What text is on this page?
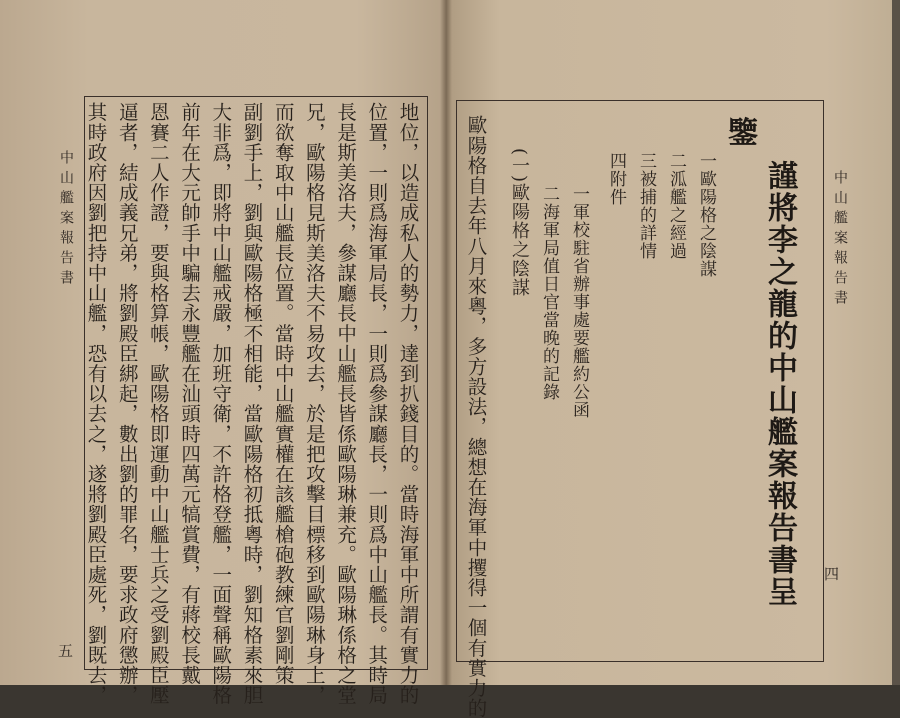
中山艦案報告書
五	地位，以造成私人的勢力，達到扒錢目的。當時海軍中所謂有實力的
位置，一則爲海軍局長，一則爲參謀廳長，一則爲中山艦長。其時局
長是斯美洛夫，參謀廳長中山艦長皆係歐陽琳兼充。歐陽琳係格之堂
兄，歐陽格見斯美洛夫不易攻去，於是把攻擊目標移到歐陽琳身上，
而欲奪取中山艦長位置。當時中山艦實權在該艦槍砲教練官劉剛策
副劉手上，劉與歐陽格極不相能，當歐陽格初抵粵時，劉知格素來胆
大非爲，即將中山艦戒嚴，加班守衛，不許格登艦，一面聲稱歐陽格
前年在大元帥手中騙去永豐艦在汕頭時四萬元犒賞費，有蔣校長戴
恩賽二人作證，要與格算帳，歐陽格即運動中山艦士兵之受劉殿臣壓
逼者，結成義兄弟，將劉殿臣綁起，數出劉的罪名，要求政府懲辦，
其時政府因劉把持中山艦，恐有以去之，遂將劉殿臣處死，劉既去，	中山艦案報告書
四
謹將李之龍的中山艦案報告書呈
鑒
一歐陽格之陰謀
二泒艦之經過
三被捕的詳情
四附件
一軍校駐省辦事處要艦約公函
二海軍局值日官當晚的記錄
(一)歐陽格之陰謀
歐陽格自去年八月來粵，多方設法，總想在海軍中攫得一個有實力的
